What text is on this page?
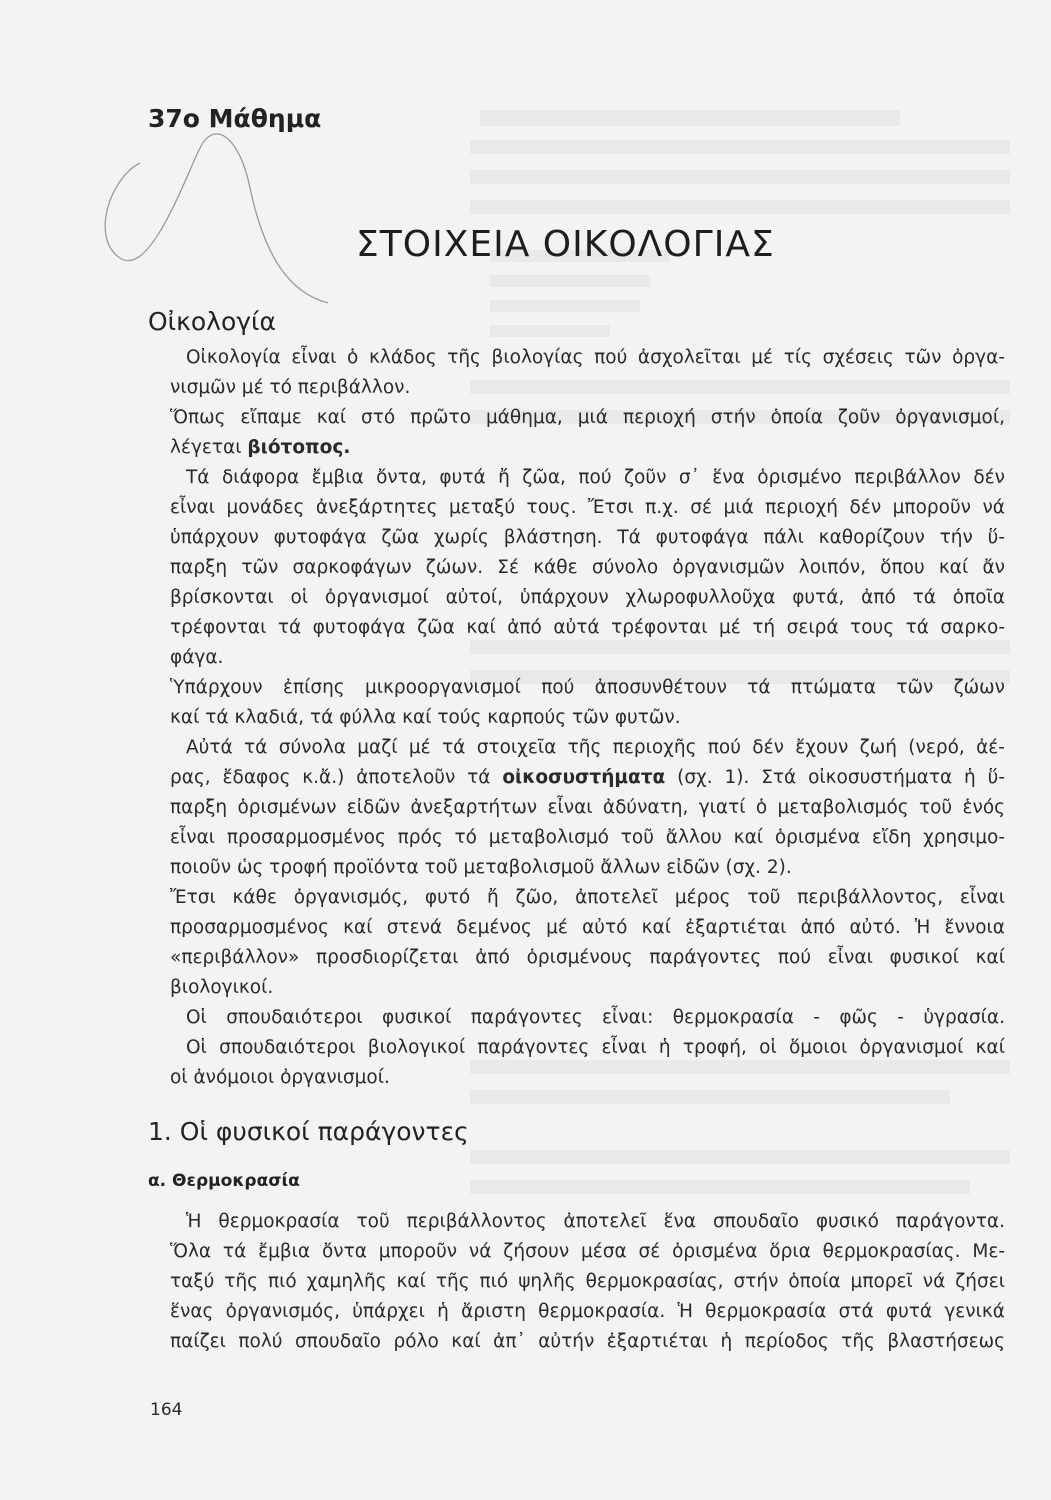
37ο Μάθημα
ΣΤΟΙΧΕΙΑ ΟΙΚΟΛΟΓΙΑΣ
Οἰκολογία
Οἰκολογία εἶναι ὁ κλάδος τῆς βιολογίας πού ἀσχολεῖται μέ τίς σχέσεις τῶν ὀργα-
νισμῶν μέ τό περιβάλλον.
Ὅπως εἴπαμε καί στό πρῶτο μάθημα, μιά περιοχή στήν ὁποία ζοῦν ὀργανισμοί,
λέγεται βιότοπος.
Τά διάφορα ἔμβια ὄντα, φυτά ἤ ζῶα, πού ζοῦν σ᾿ ἕνα ὁρισμένο περιβάλλον δέν
εἶναι μονάδες ἀνεξάρτητες μεταξύ τους. Ἔτσι π.χ. σέ μιά περιοχή δέν μποροῦν νά
ὑπάρχουν φυτοφάγα ζῶα χωρίς βλάστηση. Τά φυτοφάγα πάλι καθορίζουν τήν ὕ-
παρξη τῶν σαρκοφάγων ζώων. Σέ κάθε σύνολο ὀργανισμῶν λοιπόν, ὅπου καί ἄν
βρίσκονται οἱ ὀργανισμοί αὐτοί, ὑπάρχουν χλωροφυλλοῦχα φυτά, ἀπό τά ὁποῖα
τρέφονται τά φυτοφάγα ζῶα καί ἀπό αὐτά τρέφονται μέ τή σειρά τους τά σαρκο-
φάγα.
Ὑπάρχουν ἐπίσης μικροοργανισμοί πού ἀποσυνθέτουν τά πτώματα τῶν ζώων
καί τά κλαδιά, τά φύλλα καί τούς καρπούς τῶν φυτῶν.
Αὐτά τά σύνολα μαζί μέ τά στοιχεῖα τῆς περιοχῆς πού δέν ἔχουν ζωή (νερό, ἀέ-
ρας, ἔδαφος κ.ἄ.) ἀποτελοῦν τά οἰκοσυστήματα (σχ. 1). Στά οἰκοσυστήματα ἡ ὕ-
παρξη ὁρισμένων εἰδῶν ἀνεξαρτήτων εἶναι ἀδύνατη, γιατί ὁ μεταβολισμός τοῦ ἑνός
εἶναι προσαρμοσμένος πρός τό μεταβολισμό τοῦ ἄλλου καί ὁρισμένα εἴδη χρησιμο-
ποιοῦν ὡς τροφή προϊόντα τοῦ μεταβολισμοῦ ἄλλων εἰδῶν (σχ. 2).
Ἔτσι κάθε ὀργανισμός, φυτό ἤ ζῶο, ἀποτελεῖ μέρος τοῦ περιβάλλοντος, εἶναι
προσαρμοσμένος καί στενά δεμένος μέ αὐτό καί ἐξαρτιέται ἀπό αὐτό. Ἡ ἔννοια
«περιβάλλον» προσδιορίζεται ἀπό ὁρισμένους παράγοντες πού εἶναι φυσικοί καί
βιολογικοί.
Οἱ σπουδαιότεροι φυσικοί παράγοντες εἶναι: θερμοκρασία - φῶς - ὑγρασία.
Οἱ σπουδαιότεροι βιολογικοί παράγοντες εἶναι ἡ τροφή, οἱ ὅμοιοι ὀργανισμοί καί
οἱ ἀνόμοιοι ὀργανισμοί.
1. Οἱ φυσικοί παράγοντες
α. Θερμοκρασία
Ἡ θερμοκρασία τοῦ περιβάλλοντος ἀποτελεῖ ἕνα σπουδαῖο φυσικό παράγοντα.
Ὅλα τά ἔμβια ὄντα μποροῦν νά ζήσουν μέσα σέ ὁρισμένα ὅρια θερμοκρασίας. Με-
ταξύ τῆς πιό χαμηλῆς καί τῆς πιό ψηλῆς θερμοκρασίας, στήν ὁποία μπορεῖ νά ζήσει
ἕνας ὀργανισμός, ὑπάρχει ἡ ἄριστη θερμοκρασία. Ἡ θερμοκρασία στά φυτά γενικά
παίζει πολύ σπουδαῖο ρόλο καί ἀπ᾿ αὐτήν ἐξαρτιέται ἡ περίοδος τῆς βλαστήσεως
164
